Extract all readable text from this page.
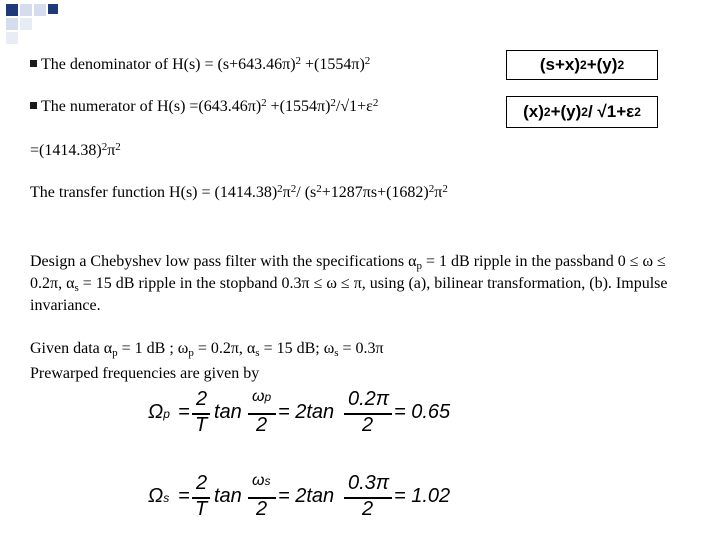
The denominator of $H(s) = (s+643.46\pi)^2 +(1554\pi)^2$
The numerator of $H(s) =(643.46\pi)^2 +(1554\pi)^2/√1+\varepsilon^2$
(s+x) 2 +(y) 2
(x) 2 +(y) 2 / √1+ε 2
$=(1414.38)^2\pi^2$
The transfer function $H(s) = (1414.38)^2\pi^2/$ ($s^2+1287\pi s+(1682)^2\pi^2$
Design a Chebyshev low pass filter with the specifications $\alpha_p = 1$ dB ripple in the passband 0 ≤ ω ≤ 0.2π, $\alpha_s = 15$ dB ripple in the stopband 0.3π ≤ ω ≤ π, using (a), bilinear transformation, (b). Impulse invariance.
Given data $\alpha_p = 1$ dB ; $\omega_p = 0.2\pi$, $\alpha_s = 15$ dB; $\omega_s = 0.3\pi$
Prewarped frequencies are given by
Ωp =
2
T
tan
ωp
2
= 2tan
0.2π
2
= 0.65
Ωs =
2
T
tan
ωs
2
= 2tan
0.3π
2
= 1.02
